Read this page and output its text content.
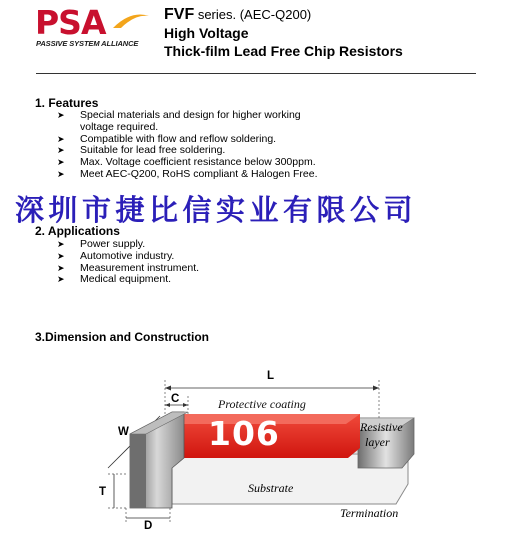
PSA
PASSIVE SYSTEM ALLIANCE
FVF series. (AEC-Q200)
High Voltage
Thick-film Lead Free Chip Resistors
1. Features
➤ Special materials and design for higher working
voltage required.
➤ Compatible with flow and reflow soldering.
➤ Suitable for lead free soldering.
➤ Max. Voltage coefficient resistance below 300ppm.
➤ Meet AEC-Q200, RoHS compliant & Halogen Free.
深圳市捷比信实业有限公司
2. Applications
➤ Power supply.
➤ Automotive industry.
➤ Measurement instrument.
➤ Medical equipment.
3.Dimension and Construction
L
C
W
T
D
Protective coating
106	Resistive
layer
Substrate
Termination
